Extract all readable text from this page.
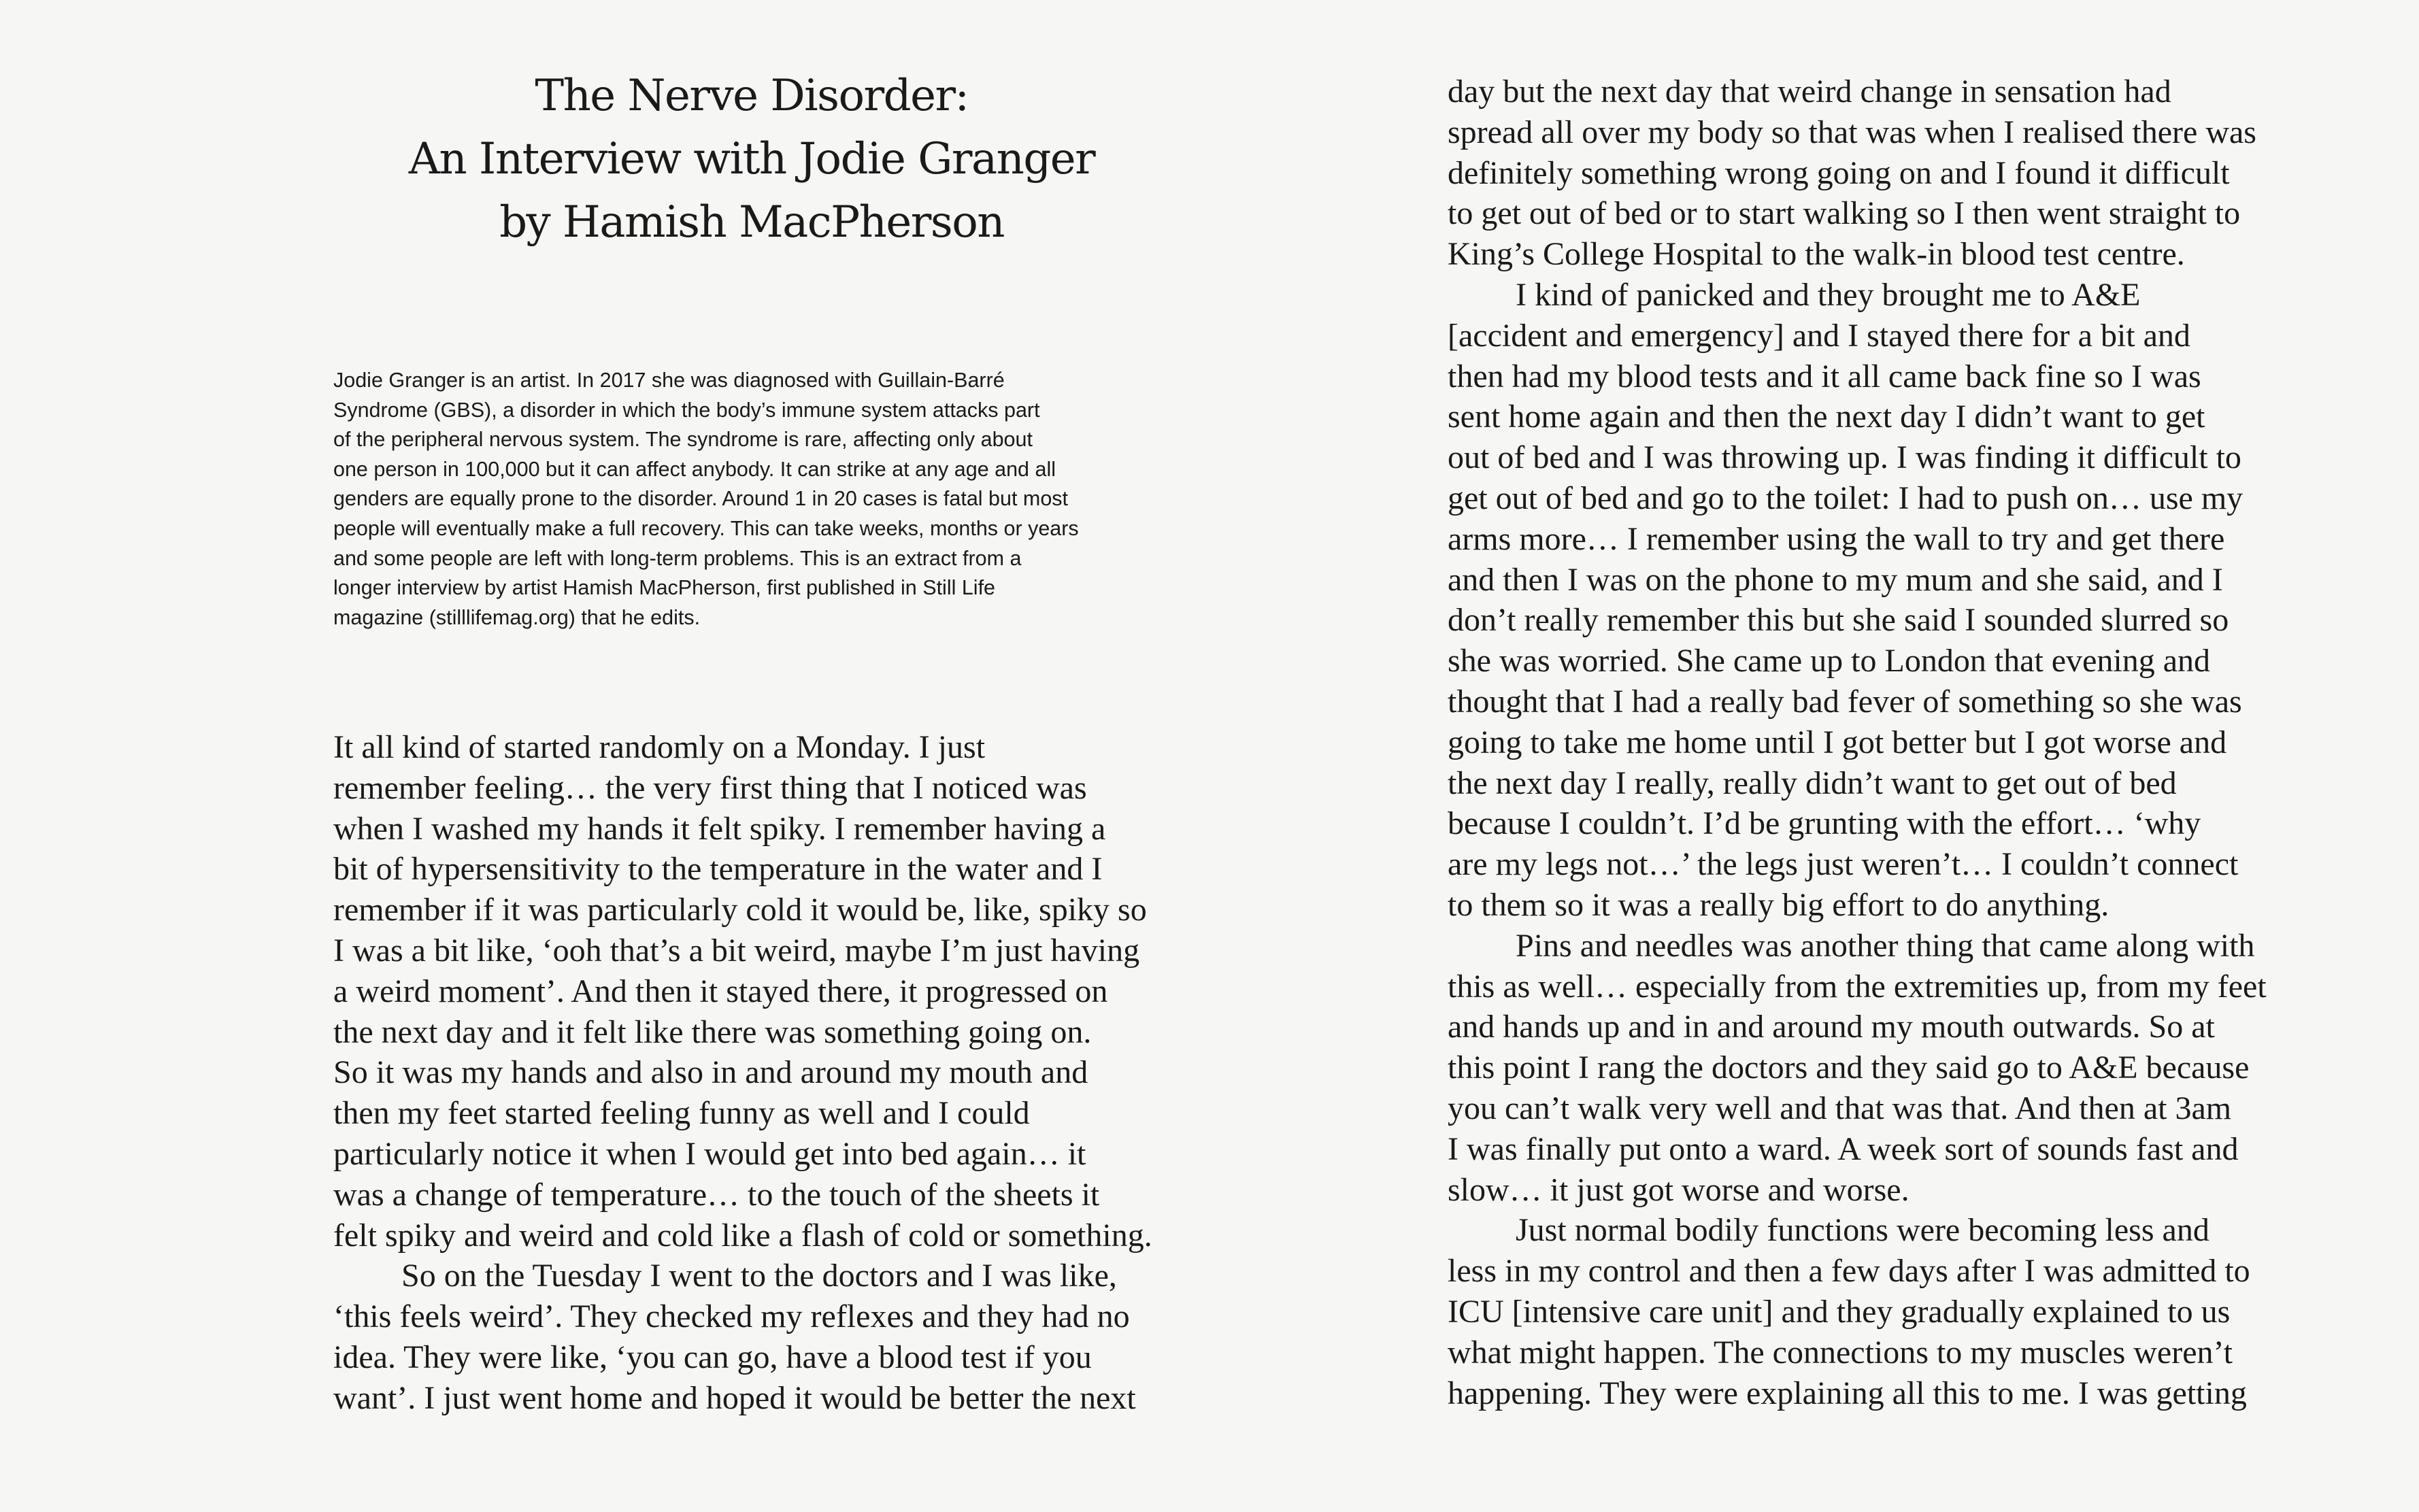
The Nerve Disorder:
An Interview with Jodie Granger
by Hamish MacPherson
Jodie Granger is an artist. In 2017 she was diagnosed with Guillain-Barré
Syndrome (GBS), a disorder in which the body’s immune system attacks part
of the peripheral nervous system. The syndrome is rare, affecting only about
one person in 100,000 but it can affect anybody. It can strike at any age and all
genders are equally prone to the disorder. Around 1 in 20 cases is fatal but most
people will eventually make a full recovery. This can take weeks, months or years
and some people are left with long-term problems. This is an extract from a
longer interview by artist Hamish MacPherson, first published in Still Life
magazine (stilllifemag.org) that he edits.
It all kind of started randomly on a Monday. I just
remember feeling… the very first thing that I noticed was
when I washed my hands it felt spiky. I remember having a
bit of hypersensitivity to the temperature in the water and I
remember if it was particularly cold it would be, like, spiky so
I was a bit like, ‘ooh that’s a bit weird, maybe I’m just having
a weird moment’. And then it stayed there, it progressed on
the next day and it felt like there was something going on.
So it was my hands and also in and around my mouth and
then my feet started feeling funny as well and I could
particularly notice it when I would get into bed again… it
was a change of temperature… to the touch of the sheets it
felt spiky and weird and cold like a flash of cold or something.
So on the Tuesday I went to the doctors and I was like,
‘this feels weird’. They checked my reflexes and they had no
idea. They were like, ‘you can go, have a blood test if you
want’. I just went home and hoped it would be better the next
day but the next day that weird change in sensation had
spread all over my body so that was when I realised there was
definitely something wrong going on and I found it difficult
to get out of bed or to start walking so I then went straight to
King’s College Hospital to the walk-in blood test centre.
I kind of panicked and they brought me to A&E
[accident and emergency] and I stayed there for a bit and
then had my blood tests and it all came back fine so I was
sent home again and then the next day I didn’t want to get
out of bed and I was throwing up. I was finding it difficult to
get out of bed and go to the toilet: I had to push on… use my
arms more… I remember using the wall to try and get there
and then I was on the phone to my mum and she said, and I
don’t really remember this but she said I sounded slurred so
she was worried. She came up to London that evening and
thought that I had a really bad fever of something so she was
going to take me home until I got better but I got worse and
the next day I really, really didn’t want to get out of bed
because I couldn’t. I’d be grunting with the effort… ‘why
are my legs not…’ the legs just weren’t… I couldn’t connect
to them so it was a really big effort to do anything.
Pins and needles was another thing that came along with
this as well… especially from the extremities up, from my feet
and hands up and in and around my mouth outwards. So at
this point I rang the doctors and they said go to A&E because
you can’t walk very well and that was that. And then at 3am
I was finally put onto a ward. A week sort of sounds fast and
slow… it just got worse and worse.
Just normal bodily functions were becoming less and
less in my control and then a few days after I was admitted to
ICU [intensive care unit] and they gradually explained to us
what might happen. The connections to my muscles weren’t
happening. They were explaining all this to me. I was getting
